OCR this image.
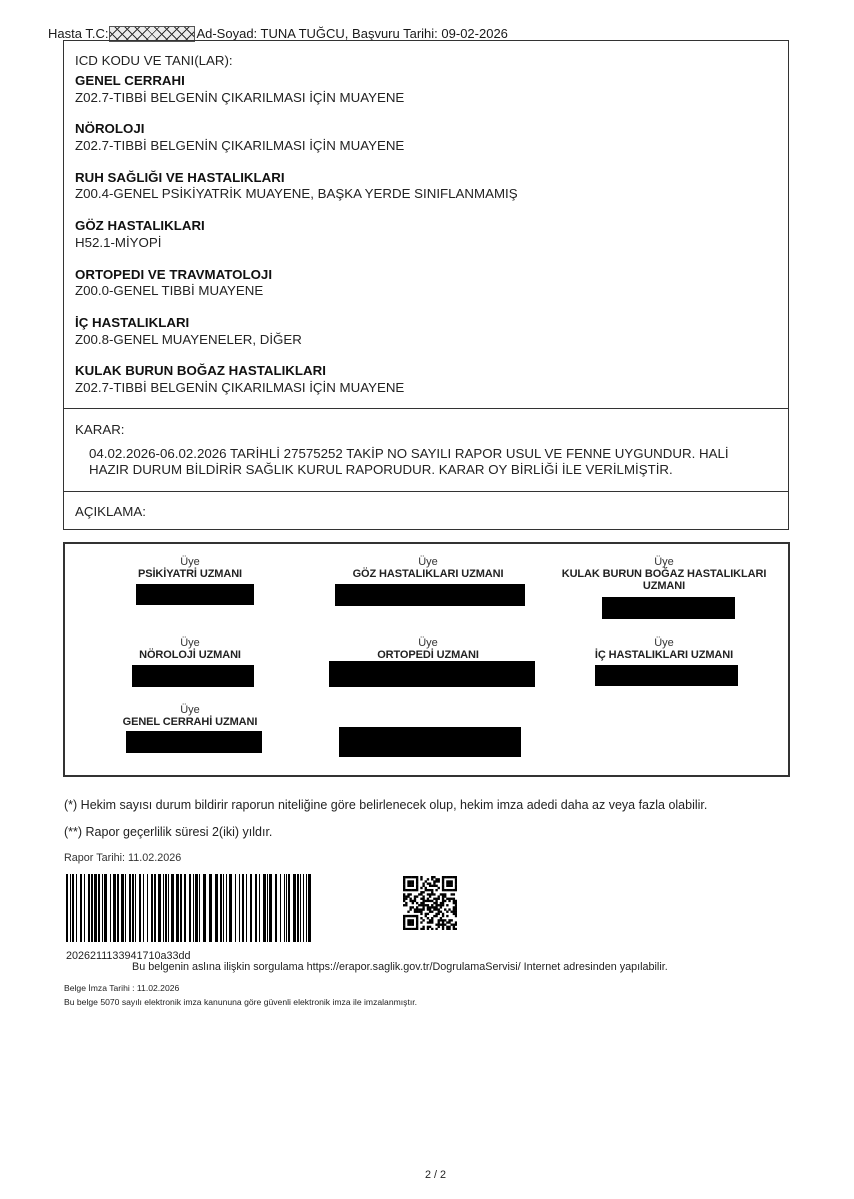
Hasta T.C:	Ad-Soyad: TUNA TUĞCU, Başvuru Tarihi: 09-02-2026
ICD KODU VE TANI(LAR):
GENEL CERRAHI
Z02.7-TIBBİ BELGENİN ÇIKARILMASI İÇİN MUAYENE
NÖROLOJI
Z02.7-TIBBİ BELGENİN ÇIKARILMASI İÇİN MUAYENE
RUH SAĞLIĞI VE HASTALIKLARI
Z00.4-GENEL PSİKİYATRİK MUAYENE, BAŞKA YERDE SINIFLANMAMIŞ
GÖZ HASTALIKLARI
H52.1-MİYOPİ
ORTOPEDI VE TRAVMATOLOJI
Z00.0-GENEL TIBBİ MUAYENE
İÇ HASTALIKLARI
Z00.8-GENEL MUAYENELER, DİĞER
KULAK BURUN BOĞAZ HASTALIKLARI
Z02.7-TIBBİ BELGENİN ÇIKARILMASI İÇİN MUAYENE
KARAR:
04.02.2026-06.02.2026 TARİHLİ 27575252 TAKİP NO SAYILI RAPOR USUL VE FENNE UYGUNDUR. HALİ
HAZIR DURUM BİLDİRİR SAĞLIK KURUL RAPORUDUR. KARAR OY BİRLİĞİ İLE VERİLMİŞTİR.
AÇIKLAMA:
Üye
PSİKİYATRİ UZMANI
Üye
GÖZ HASTALIKLARI UZMANI
Üye
KULAK BURUN BOĞAZ HASTALIKLARI
UZMANI
Üye
NÖROLOJİ UZMANI
Üye
ORTOPEDİ UZMANI
Üye
İÇ HASTALIKLARI UZMANI
Üye
GENEL CERRAHİ UZMANI
(*) Hekim sayısı durum bildirir raporun niteliğine göre belirlenecek olup, hekim imza adedi daha az veya fazla olabilir.
(**) Rapor geçerlilik süresi 2(iki) yıldır.
Rapor Tarihi: 11.02.2026
2026211133941710a33dd
Bu belgenin aslına ilişkin sorgulama https://erapor.saglik.gov.tr/DogrulamaServisi/ Internet adresinden yapılabilir.
Belge İmza Tarihi : 11.02.2026
Bu belge 5070 sayılı elektronik imza kanununa göre güvenli elektronik imza ile imzalanmıştır.
2 / 2
